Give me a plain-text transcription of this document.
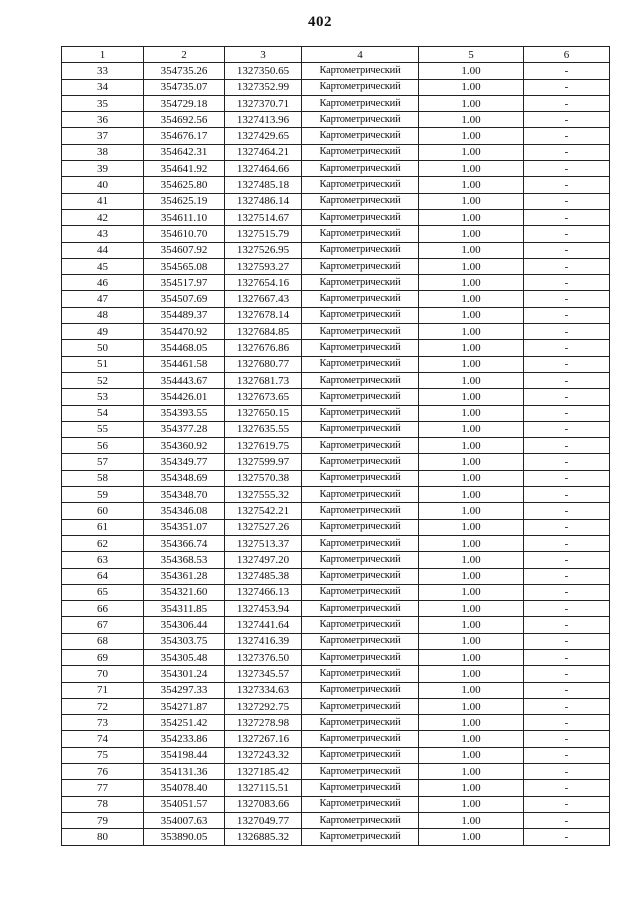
402
1	2	3	4	5	6
33	354735.26	1327350.65	Картометрический	1.00	-
34	354735.07	1327352.99	Картометрический	1.00	-
35	354729.18	1327370.71	Картометрический	1.00	-
36	354692.56	1327413.96	Картометрический	1.00	-
37	354676.17	1327429.65	Картометрический	1.00	-
38	354642.31	1327464.21	Картометрический	1.00	-
39	354641.92	1327464.66	Картометрический	1.00	-
40	354625.80	1327485.18	Картометрический	1.00	-
41	354625.19	1327486.14	Картометрический	1.00	-
42	354611.10	1327514.67	Картометрический	1.00	-
43	354610.70	1327515.79	Картометрический	1.00	-
44	354607.92	1327526.95	Картометрический	1.00	-
45	354565.08	1327593.27	Картометрический	1.00	-
46	354517.97	1327654.16	Картометрический	1.00	-
47	354507.69	1327667.43	Картометрический	1.00	-
48	354489.37	1327678.14	Картометрический	1.00	-
49	354470.92	1327684.85	Картометрический	1.00	-
50	354468.05	1327676.86	Картометрический	1.00	-
51	354461.58	1327680.77	Картометрический	1.00	-
52	354443.67	1327681.73	Картометрический	1.00	-
53	354426.01	1327673.65	Картометрический	1.00	-
54	354393.55	1327650.15	Картометрический	1.00	-
55	354377.28	1327635.55	Картометрический	1.00	-
56	354360.92	1327619.75	Картометрический	1.00	-
57	354349.77	1327599.97	Картометрический	1.00	-
58	354348.69	1327570.38	Картометрический	1.00	-
59	354348.70	1327555.32	Картометрический	1.00	-
60	354346.08	1327542.21	Картометрический	1.00	-
61	354351.07	1327527.26	Картометрический	1.00	-
62	354366.74	1327513.37	Картометрический	1.00	-
63	354368.53	1327497.20	Картометрический	1.00	-
64	354361.28	1327485.38	Картометрический	1.00	-
65	354321.60	1327466.13	Картометрический	1.00	-
66	354311.85	1327453.94	Картометрический	1.00	-
67	354306.44	1327441.64	Картометрический	1.00	-
68	354303.75	1327416.39	Картометрический	1.00	-
69	354305.48	1327376.50	Картометрический	1.00	-
70	354301.24	1327345.57	Картометрический	1.00	-
71	354297.33	1327334.63	Картометрический	1.00	-
72	354271.87	1327292.75	Картометрический	1.00	-
73	354251.42	1327278.98	Картометрический	1.00	-
74	354233.86	1327267.16	Картометрический	1.00	-
75	354198.44	1327243.32	Картометрический	1.00	-
76	354131.36	1327185.42	Картометрический	1.00	-
77	354078.40	1327115.51	Картометрический	1.00	-
78	354051.57	1327083.66	Картометрический	1.00	-
79	354007.63	1327049.77	Картометрический	1.00	-
80	353890.05	1326885.32	Картометрический	1.00	-
